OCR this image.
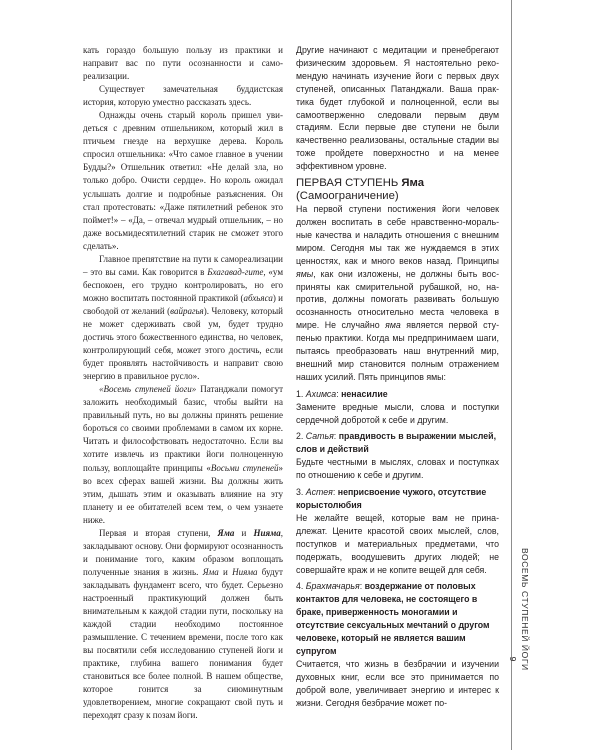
кать гораздо большую пользу из практики и направит вас по пути осознанности и самореализации.

Существует замечательная буддистская история, которую уместно рассказать здесь.

Однажды очень старый король пришел увидеться с древним отшельником, который жил в птичьем гнезде на верхушке дерева. Король спросил отшельника: «Что самое главное в учении Будды?» Отшельник ответил: «Не делай зла, но только добро. Очисти сердце». Но король ожидал услышать долгие и подробные разъяснения. Он стал протестовать: «Даже пятилетний ребенок это поймет!» – «Да, – отвечал мудрый отшельник, – но даже восьмидесятилетний старик не сможет этого сделать».

Главное препятствие на пути к самореализации – это вы сами. Как говорится в Бхагавад-гите, «ум беспокоен, его трудно контролировать, но его можно воспитать постоянной практикой (абхьяса) и свободой от желаний (вайрагья). Человеку, который не может сдерживать свой ум, будет трудно достичь этого божественного единства, но человек, контролирующий себя, может этого достичь, если будет проявлять настойчивость и направит свою энергию в правильное русло».

«Восемь ступеней йоги» Патанджали помогут заложить необходимый базис, чтобы выйти на правильный путь, но вы должны принять решение бороться со своими проблемами в самом их корне. Читать и философствовать недостаточно. Если вы хотите извлечь из практики йоги полноценную пользу, воплощайте принципы «Восьми ступеней» во всех сферах вашей жизни. Вы должны жить этим, дышать этим и оказывать влияние на эту планету и ее обитателей всем тем, о чем узнаете ниже.

Первая и вторая ступени, Яма и Нияма, закладывают основу. Они формируют осознанность и понимание того, каким образом воплощать полученные знания в жизнь. Яма и Нияма будут закладывать фундамент всего, что будет. Серьезно настроенный практикующий должен быть внимательным к каждой стадии пути, поскольку на каждой стадии необходимо постоянное размышление. С течением времени, после того как вы посвятили себя исследованию ступеней йоги и практике, глубина вашего понимания будет становиться все более полной. В нашем обществе, которое гонится за сиюминутным удовлетворением, многие сокращают свой путь и переходят сразу к позам йоги.

Другие начинают с медитации и пренебрегают физическим здоровьем. Я настоятельно рекомендую начинать изучение йоги с первых двух ступеней, описанных Патанджали. Ваша практика будет глубокой и полноценной, если вы самоотверженно следовали первым двум стадиям. Если первые две ступени не были качественно реализованы, остальные стадии вы тоже пройдете поверхностно и на менее эффективном уровне.

ПЕРВАЯ СТУПЕНЬ Яма
(Самоограничение)

На первой ступени постижения йоги человек должен воспитать в себе нравственно-моральные качества и наладить отношения с внешним миром. Сегодня мы так же нуждаемся в этих ценностях, как и много веков назад. Принципы ямы, как они изложены, не должны быть восприняты как смирительной рубашкой, но, напротив, должны помогать развивать большую осознанность относительно места человека в мире. Не случайно яма является первой ступенью практики. Когда мы предпринимаем шаги, пытаясь преобразовать наш внутренний мир, внешний мир становится полным отражением наших усилий. Пять принципов ямы:

1. Ахимса: ненасилие
Замените вредные мысли, слова и поступки сердечной добротой к себе и другим.
2. Сатья: правдивость в выражении мыслей, слов и действий
Будьте честными в мыслях, словах и поступках по отношению к себе и другим.
3. Астея: неприсвоение чужого, отсутствие корыстолюбия
Не желайте вещей, которые вам не принадлежат. Цените красотой своих мыслей, слов, поступков и материальных предметами, что подержать, воодушевить других людей; не совершайте краж и не копите вещей для себя.
4. Брахмачарья: воздержание от половых контактов для человека, не состоящего в браке, приверженность моногамии и отсутствие сексуальных мечтаний о другом человеке, который не является вашим супругом
Считается, что жизнь в безбрачии и изучении духовных книг, если все это принимается по доброй воле, увеличивает энергию и интерес к жизни. Сегодня безбрачие может по-
ВОСЕМЬ СТУПЕНЕЙ ЙОГИ
9
